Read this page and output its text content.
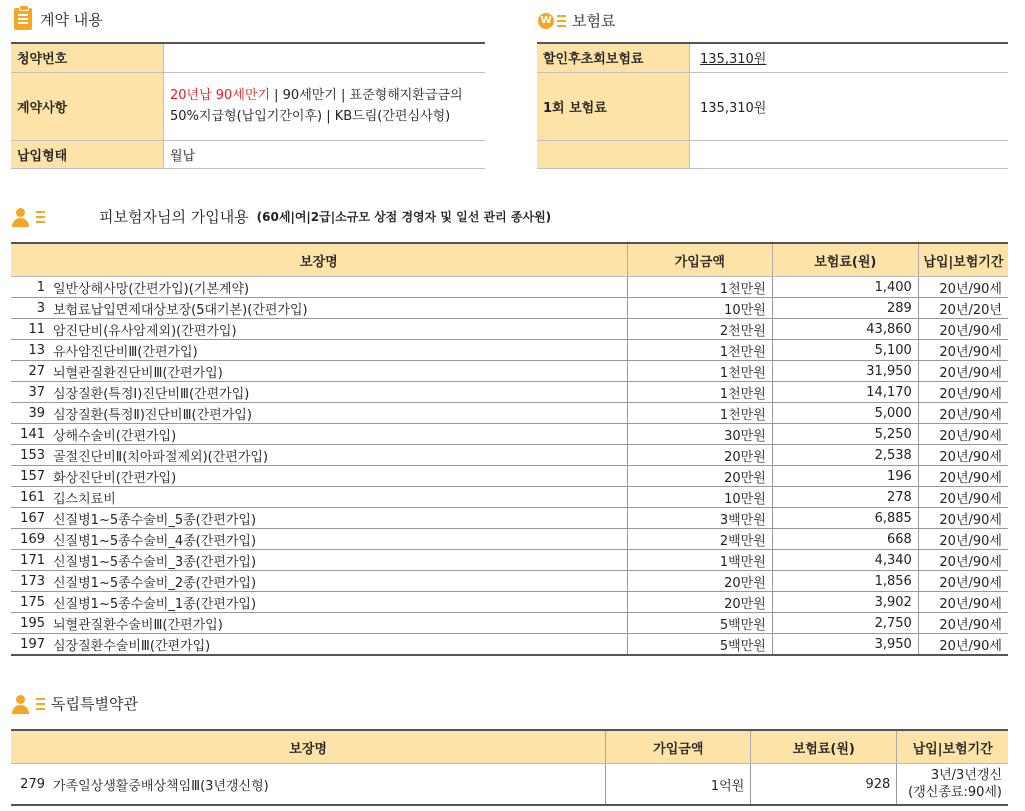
계약 내용
청약번호	
계약사항	20년납 90세만기 | 90세만기 | 표준형해지환급금의 50%지급형(납입기간이후) | KB드림(간편심사형)
납입형태	월납
W 보험료
할인후초회보험료	135,310원
1회 보험료	135,310원

피보험자님의 가입내용 (60세|여|2급|소규모 상점 경영자 및 일선 관리 종사원)
보장명		가입금액	보험료(원)	납입|보험기간
1	일반상해사망(간편가입)(기본계약)	1천만원	1,400	20년/90세
3	보험료납입면제대상보장(5대기본)(간편가입)	10만원	289	20년/20년
11	암진단비(유사암제외)(간편가입)	2천만원	43,860	20년/90세
13	유사암진단비Ⅲ(간편가입)	1천만원	5,100	20년/90세
27	뇌혈관질환진단비Ⅲ(간편가입)	1천만원	31,950	20년/90세
37	심장질환(특정Ⅰ)진단비Ⅲ(간편가입)	1천만원	14,170	20년/90세
39	심장질환(특정Ⅱ)진단비Ⅲ(간편가입)	1천만원	5,000	20년/90세
141	상해수술비(간편가입)	30만원	5,250	20년/90세
153	골절진단비Ⅱ(치아파절제외)(간편가입)	20만원	2,538	20년/90세
157	화상진단비(간편가입)	20만원	196	20년/90세
161	깁스치료비	10만원	278	20년/90세
167	신질병1~5종수술비_5종(간편가입)	3백만원	6,885	20년/90세
169	신질병1~5종수술비_4종(간편가입)	2백만원	668	20년/90세
171	신질병1~5종수술비_3종(간편가입)	1백만원	4,340	20년/90세
173	신질병1~5종수술비_2종(간편가입)	20만원	1,856	20년/90세
175	신질병1~5종수술비_1종(간편가입)	20만원	3,902	20년/90세
195	뇌혈관질환수술비Ⅲ(간편가입)	5백만원	2,750	20년/90세
197	심장질환수술비Ⅲ(간편가입)	5백만원	3,950	20년/90세
독립특별약관
보장명		가입금액	보험료(원)	납입|보험기간
279	가족일상생활중배상책임Ⅲ(3년갱신형)	1억원	928	3년/3년갱신
(갱신종료:90세)
